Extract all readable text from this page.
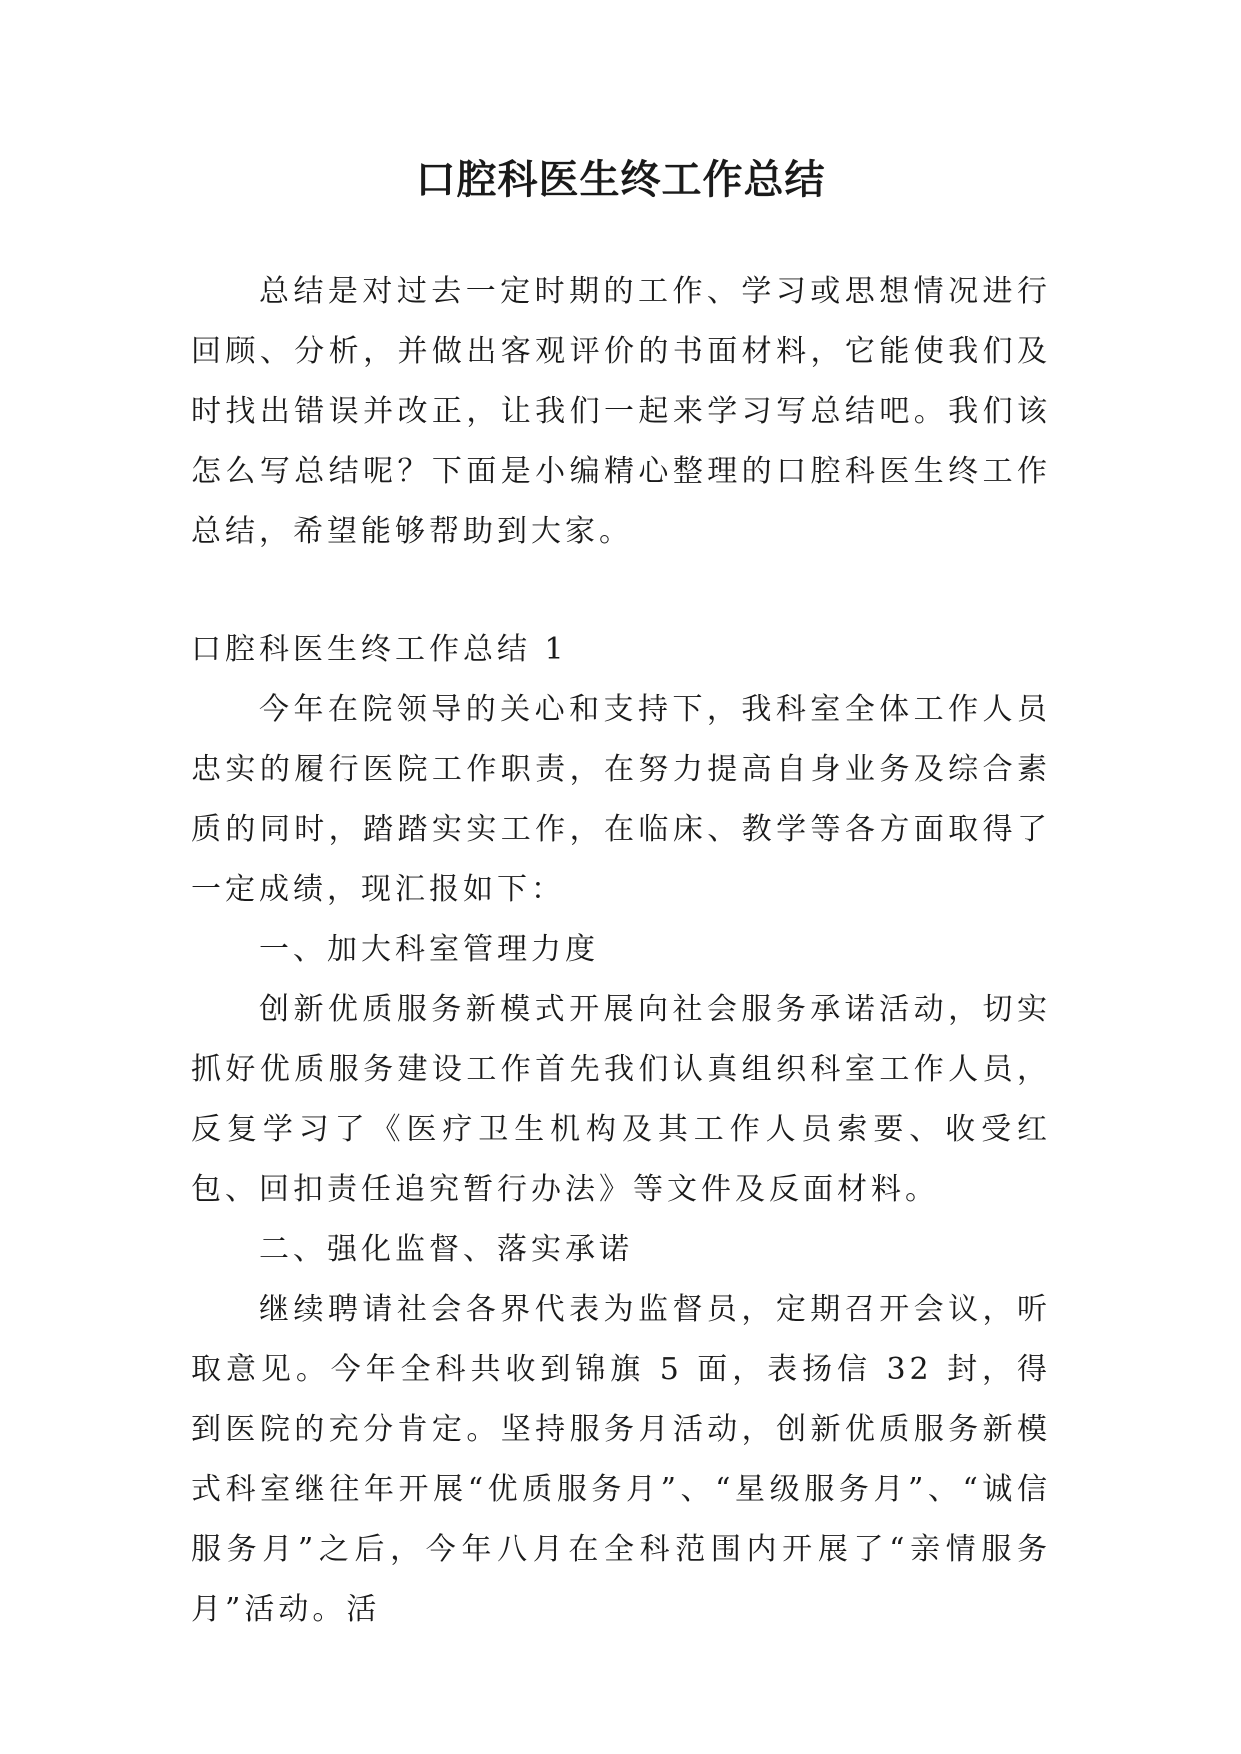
口腔科医生终工作总结

总结是对过去一定时期的工作、学习或思想情况进行回顾、分析，并做出客观评价的书面材料，它能使我们及时找出错误并改正，让我们一起来学习写总结吧。我们该怎么写总结呢？下面是小编精心整理的口腔科医生终工作总结，希望能够帮助到大家。

口腔科医生终工作总结 1

今年在院领导的关心和支持下，我科室全体工作人员忠实的履行医院工作职责，在努力提高自身业务及综合素质的同时，踏踏实实工作，在临床、教学等各方面取得了一定成绩，现汇报如下：

一、加大科室管理力度

创新优质服务新模式开展向社会服务承诺活动，切实抓好优质服务建设工作首先我们认真组织科室工作人员，反复学习了《医疗卫生机构及其工作人员索要、收受红包、回扣责任追究暂行办法》等文件及反面材料。

二、强化监督、落实承诺

继续聘请社会各界代表为监督员，定期召开会议，听取意见。今年全科共收到锦旗 5 面，表扬信 32 封，得到医院的充分肯定。坚持服务月活动，创新优质服务新模式科室继往年开展“优质服务月”、“星级服务月”、“诚信服务月”之后，今年八月在全科范围内开展了“亲情服务月”活动。活
